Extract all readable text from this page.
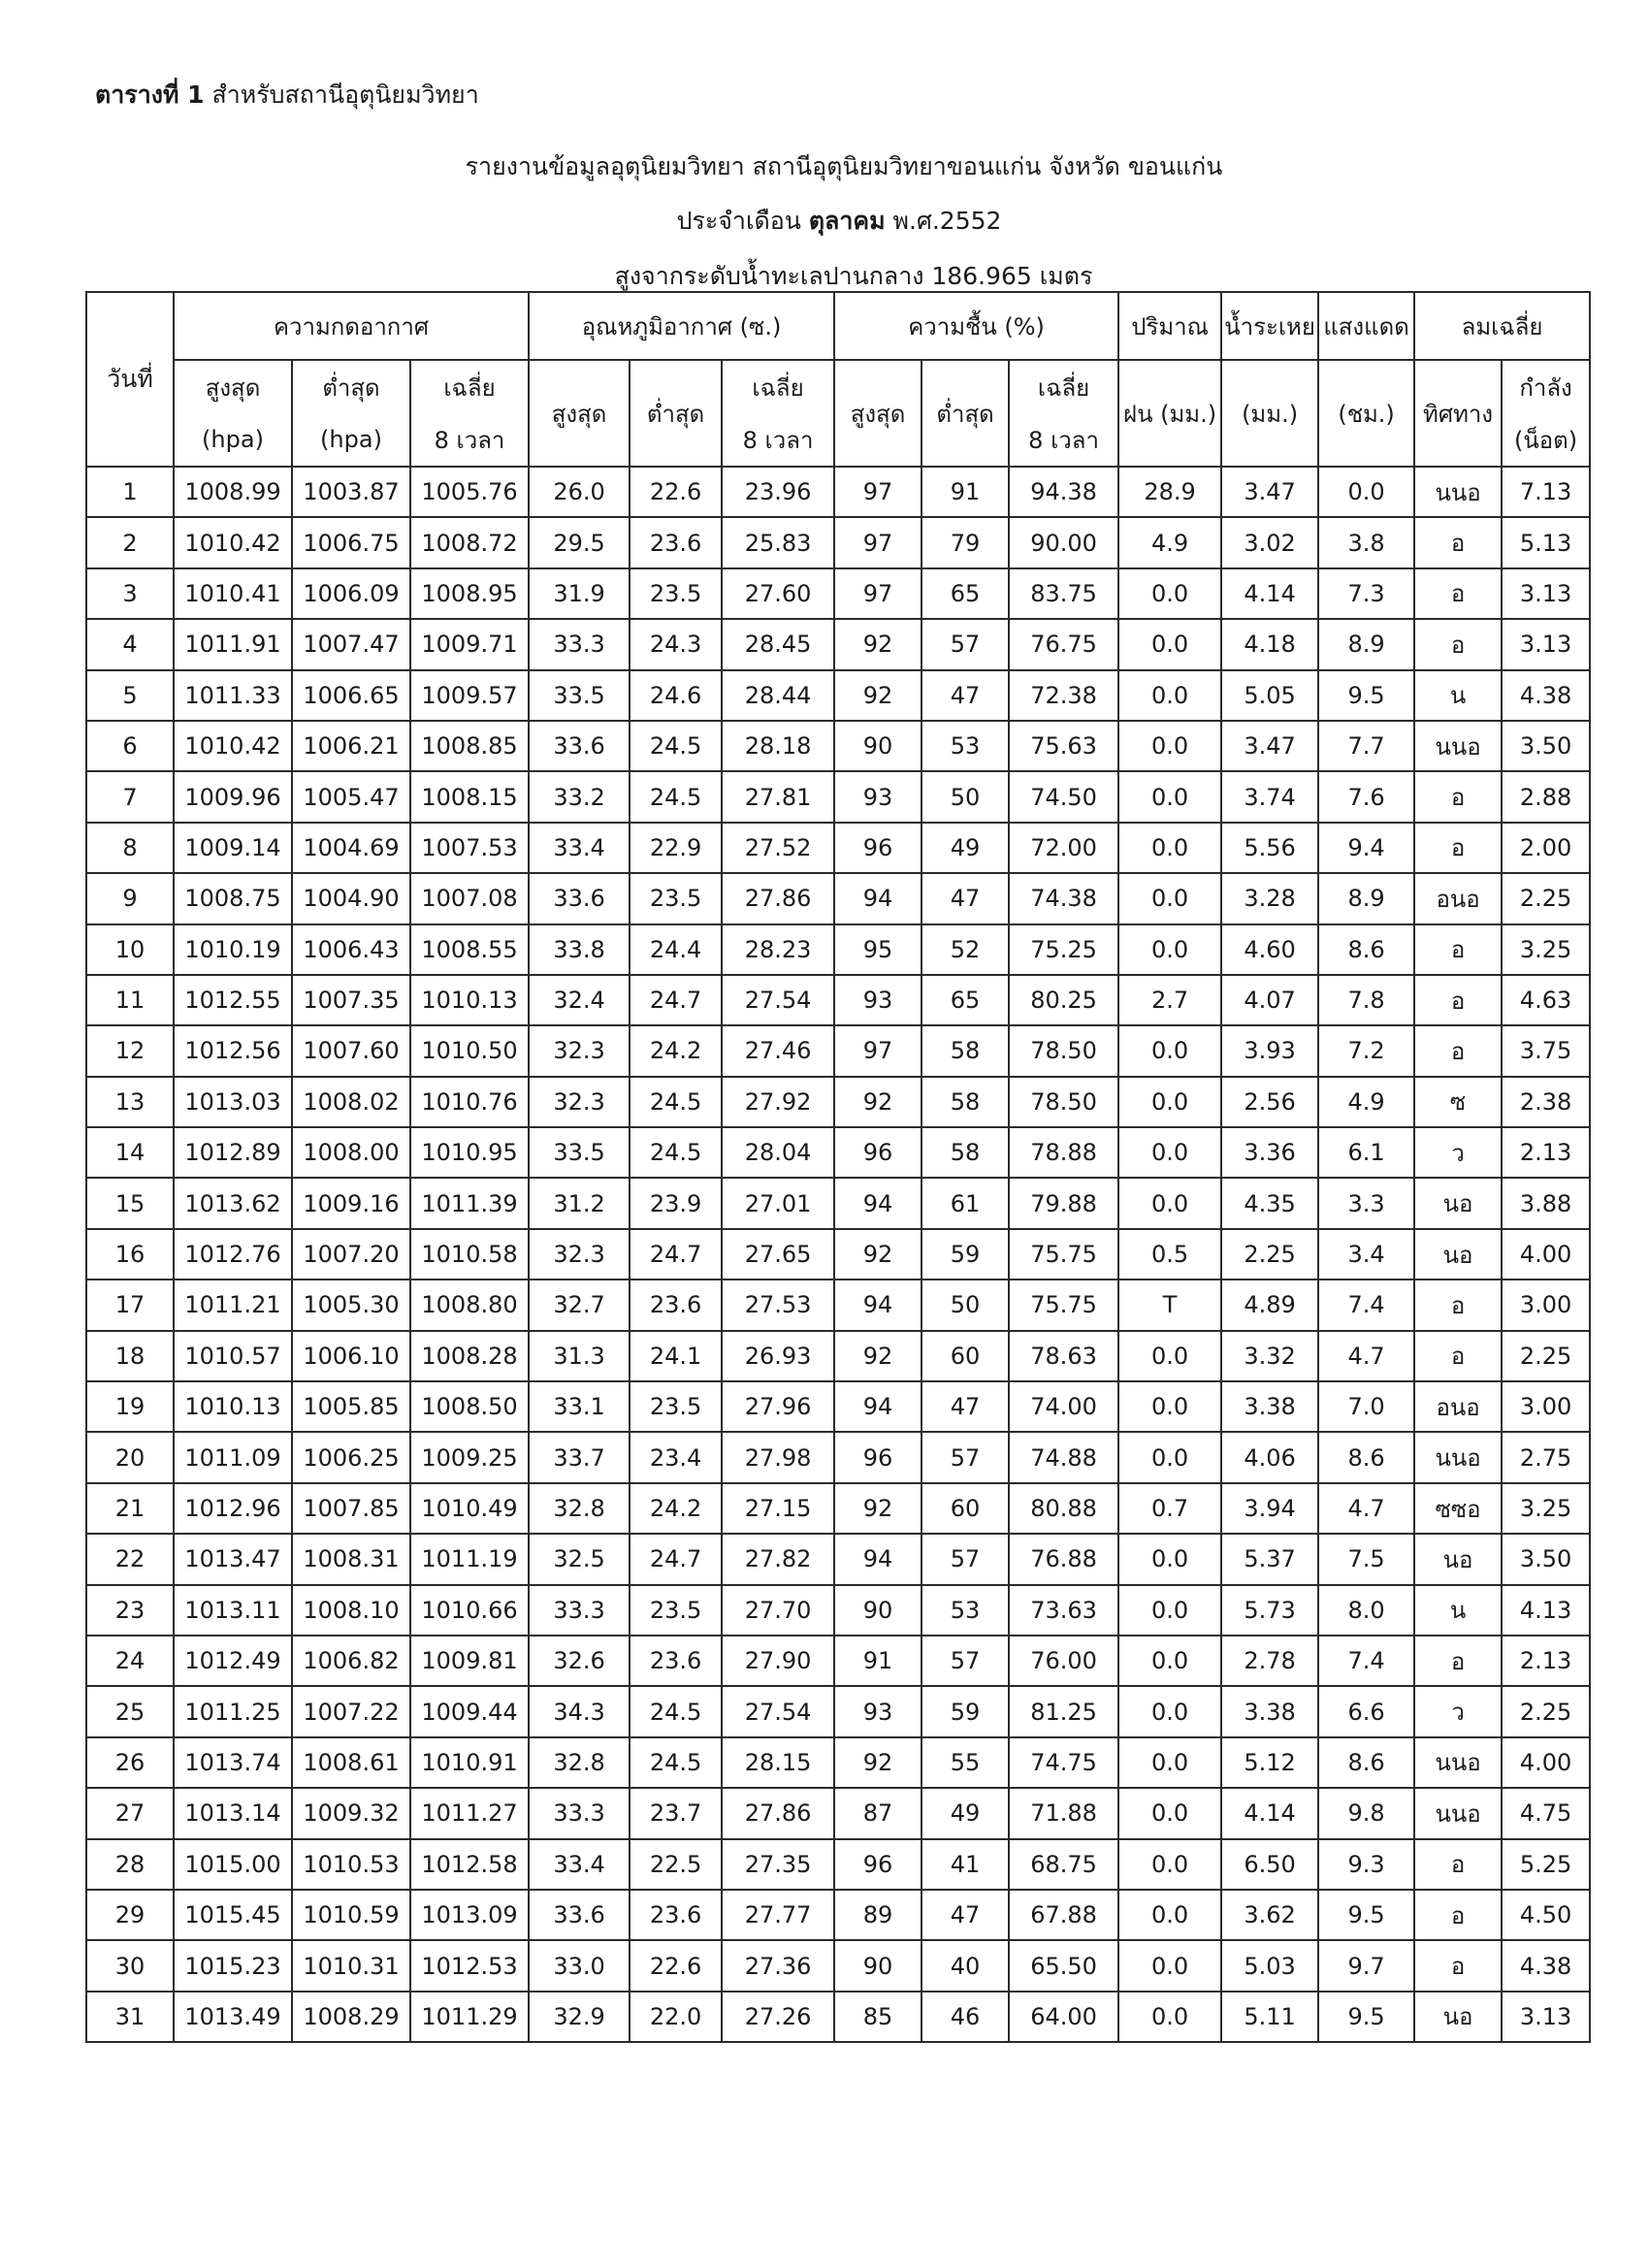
ตารางที่ 1 สำหรับสถานีอุตุนิยมวิทยา
รายงานข้อมูลอุตุนิยมวิทยา สถานีอุตุนิยมวิทยาขอนแก่น จังหวัด ขอนแก่น
ประจำเดือน ตุลาคม พ.ศ.2552
สูงจากระดับน้ำทะเลปานกลาง 186.965 เมตร
วันที่	ความกดอากาศ			อุณหภูมิอากาศ (ซ.)			ความชื้น (%)			ปริมาณ	น้ำระเหย	แสงแดด	ลมเฉลี่ย	
	สูงสุด	ต่ำสุด	เฉลี่ย	สูงสุด	ต่ำสุด	เฉลี่ย	สูงสุด	ต่ำสุด	เฉลี่ย	ฝน (มม.)	(มม.)	(ชม.)	ทิศทาง	กำลัง
	(hpa)	(hpa)	8 เวลา			8 เวลา			8 เวลา					(น็อต)
1	1008.99	1003.87	1005.76	26.0	22.6	23.96	97	91	94.38	28.9	3.47	0.0	นนอ	7.13
2	1010.42	1006.75	1008.72	29.5	23.6	25.83	97	79	90.00	4.9	3.02	3.8	อ	5.13
3	1010.41	1006.09	1008.95	31.9	23.5	27.60	97	65	83.75	0.0	4.14	7.3	อ	3.13
4	1011.91	1007.47	1009.71	33.3	24.3	28.45	92	57	76.75	0.0	4.18	8.9	อ	3.13
5	1011.33	1006.65	1009.57	33.5	24.6	28.44	92	47	72.38	0.0	5.05	9.5	น	4.38
6	1010.42	1006.21	1008.85	33.6	24.5	28.18	90	53	75.63	0.0	3.47	7.7	นนอ	3.50
7	1009.96	1005.47	1008.15	33.2	24.5	27.81	93	50	74.50	0.0	3.74	7.6	อ	2.88
8	1009.14	1004.69	1007.53	33.4	22.9	27.52	96	49	72.00	0.0	5.56	9.4	อ	2.00
9	1008.75	1004.90	1007.08	33.6	23.5	27.86	94	47	74.38	0.0	3.28	8.9	อนอ	2.25
10	1010.19	1006.43	1008.55	33.8	24.4	28.23	95	52	75.25	0.0	4.60	8.6	อ	3.25
11	1012.55	1007.35	1010.13	32.4	24.7	27.54	93	65	80.25	2.7	4.07	7.8	อ	4.63
12	1012.56	1007.60	1010.50	32.3	24.2	27.46	97	58	78.50	0.0	3.93	7.2	อ	3.75
13	1013.03	1008.02	1010.76	32.3	24.5	27.92	92	58	78.50	0.0	2.56	4.9	ซ	2.38
14	1012.89	1008.00	1010.95	33.5	24.5	28.04	96	58	78.88	0.0	3.36	6.1	ว	2.13
15	1013.62	1009.16	1011.39	31.2	23.9	27.01	94	61	79.88	0.0	4.35	3.3	นอ	3.88
16	1012.76	1007.20	1010.58	32.3	24.7	27.65	92	59	75.75	0.5	2.25	3.4	นอ	4.00
17	1011.21	1005.30	1008.80	32.7	23.6	27.53	94	50	75.75	T	4.89	7.4	อ	3.00
18	1010.57	1006.10	1008.28	31.3	24.1	26.93	92	60	78.63	0.0	3.32	4.7	อ	2.25
19	1010.13	1005.85	1008.50	33.1	23.5	27.96	94	47	74.00	0.0	3.38	7.0	อนอ	3.00
20	1011.09	1006.25	1009.25	33.7	23.4	27.98	96	57	74.88	0.0	4.06	8.6	นนอ	2.75
21	1012.96	1007.85	1010.49	32.8	24.2	27.15	92	60	80.88	0.7	3.94	4.7	ซซอ	3.25
22	1013.47	1008.31	1011.19	32.5	24.7	27.82	94	57	76.88	0.0	5.37	7.5	นอ	3.50
23	1013.11	1008.10	1010.66	33.3	23.5	27.70	90	53	73.63	0.0	5.73	8.0	น	4.13
24	1012.49	1006.82	1009.81	32.6	23.6	27.90	91	57	76.00	0.0	2.78	7.4	อ	2.13
25	1011.25	1007.22	1009.44	34.3	24.5	27.54	93	59	81.25	0.0	3.38	6.6	ว	2.25
26	1013.74	1008.61	1010.91	32.8	24.5	28.15	92	55	74.75	0.0	5.12	8.6	นนอ	4.00
27	1013.14	1009.32	1011.27	33.3	23.7	27.86	87	49	71.88	0.0	4.14	9.8	นนอ	4.75
28	1015.00	1010.53	1012.58	33.4	22.5	27.35	96	41	68.75	0.0	6.50	9.3	อ	5.25
29	1015.45	1010.59	1013.09	33.6	23.6	27.77	89	47	67.88	0.0	3.62	9.5	อ	4.50
30	1015.23	1010.31	1012.53	33.0	22.6	27.36	90	40	65.50	0.0	5.03	9.7	อ	4.38
31	1013.49	1008.29	1011.29	32.9	22.0	27.26	85	46	64.00	0.0	5.11	9.5	นอ	3.13
